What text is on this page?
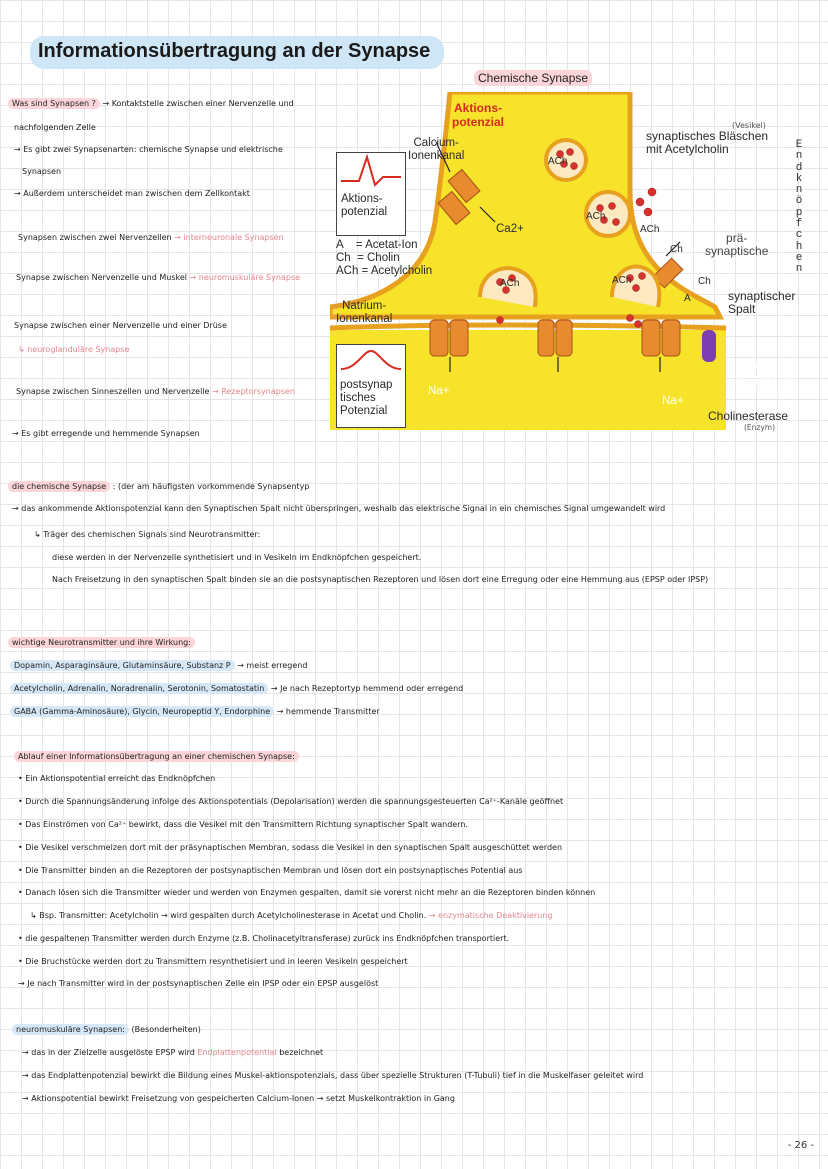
Informationsübertragung an der Synapse
Chemische Synapse
Aktions-
potenzial
Calcium-
Ionenkanal
(Vesikel)
synaptisches Bläschen
mit Acetylcholin	Endknöpfchen
prä-
synaptische
synaptischer
Spalt
post-
synaptische
Membran
Cholinesterase
(Enzym)
Natrium-
Ionenkanal
Na+
Na+
Ca2+
ACh
ACh
ACh
ACh	ACh
Ch
Ch
A
Aktions-
potenzial
A    = Acetat-Ion
Ch  = Cholin
ACh = Acetylcholin
postsynap
tisches
Potenzial
Was sind Synapsen ? → Kontaktstelle zwischen einer Nervenzelle und
nachfolgenden Zelle
→ Es gibt zwei Synapsenarten: chemische Synapse und elektrische
Synapsen
→ Außerdem unterscheidet man zwischen dem Zellkontakt
Synapsen zwischen zwei Nervenzellen → interneuronale Synapsen
Synapse zwischen Nervenzelle und Muskel → neuromuskuläre Synapse
Synapse zwischen einer Nervenzelle und einer Drüse
↳ neuroglanduläre Synapse
Synapse zwischen Sinneszellen und Nervenzelle → Rezeptorsynapsen
→ Es gibt erregende und hemmende Synapsen
die chemische Synapse : (der am häufigsten vorkommende Synapsentyp
→ das ankommende Aktionspotenzial kann den Synaptischen Spalt nicht überspringen, weshalb das elektrische Signal in ein chemisches Signal umgewandelt wird
↳ Träger des chemischen Signals sind Neurotransmitter:
diese werden in der Nervenzelle synthetisiert und in Vesikeln im Endknöpfchen gespeichert.
Nach Freisetzung in den synaptischen Spalt binden sie an die postsynaptischen Rezeptoren und lösen dort eine Erregung oder eine Hemmung aus (EPSP oder IPSP)
wichtige Neurotransmitter und ihre Wirkung:
Dopamin, Asparaginsäure, Glutaminsäure, Substanz P → meist erregend
Acetylcholin, Adrenalin, Noradrenalin, Serotonin, Somatostatin → Je nach Rezeptortyp hemmend oder erregend
GABA (Gamma-Aminosäure), Glycin, Neuropeptid Y, Endorphine → hemmende Transmitter
Ablauf einer Informationsübertragung an einer chemischen Synapse:
• Ein Aktionspotential erreicht das Endknöpfchen
• Durch die Spannungsänderung infolge des Aktionspotentials (Depolarisation) werden die spannungsgesteuerten Ca²⁺-Kanäle geöffnet
• Das Einströmen von Ca²⁺ bewirkt, dass die Vesikel mit den Transmittern Richtung synaptischer Spalt wandern.
• Die Vesikel verschmelzen dort mit der präsynaptischen Membran, sodass die Vesikel in den synaptischen Spalt ausgeschüttet werden
• Die Transmitter binden an die Rezeptoren der postsynaptischen Membran und lösen dort ein postsynaptisches Potential aus
• Danach lösen sich die Transmitter wieder und werden von Enzymen gespalten, damit sie vorerst nicht mehr an die Rezeptoren binden können
↳ Bsp. Transmitter: Acetylcholin → wird gespalten durch Acetylcholinesterase in Acetat und Cholin. → enzymatische Deaktivierung
• die gespaltenen Transmitter werden durch Enzyme (z.B. Cholinacetyltransferase) zurück ins Endknöpfchen transportiert.
• Die Bruchstücke werden dort zu Transmittern resynthetisiert und in leeren Vesikeln gespeichert
→ Je nach Transmitter wird in der postsynaptischen Zelle ein IPSP oder ein EPSP ausgelöst
neuromuskuläre Synapsen: (Besonderheiten)
→ das in der Zielzelle ausgelöste EPSP wird Endplattenpotential bezeichnet
→ das Endplattenpotenzial bewirkt die Bildung eines Muskel-aktionspotenzials, dass über spezielle Strukturen (T-Tubuli) tief in die Muskelfaser geleitet wird
→ Aktionspotential bewirkt Freisetzung von gespeicherten Calcium-Ionen → setzt Muskelkontraktion in Gang
- 26 -
